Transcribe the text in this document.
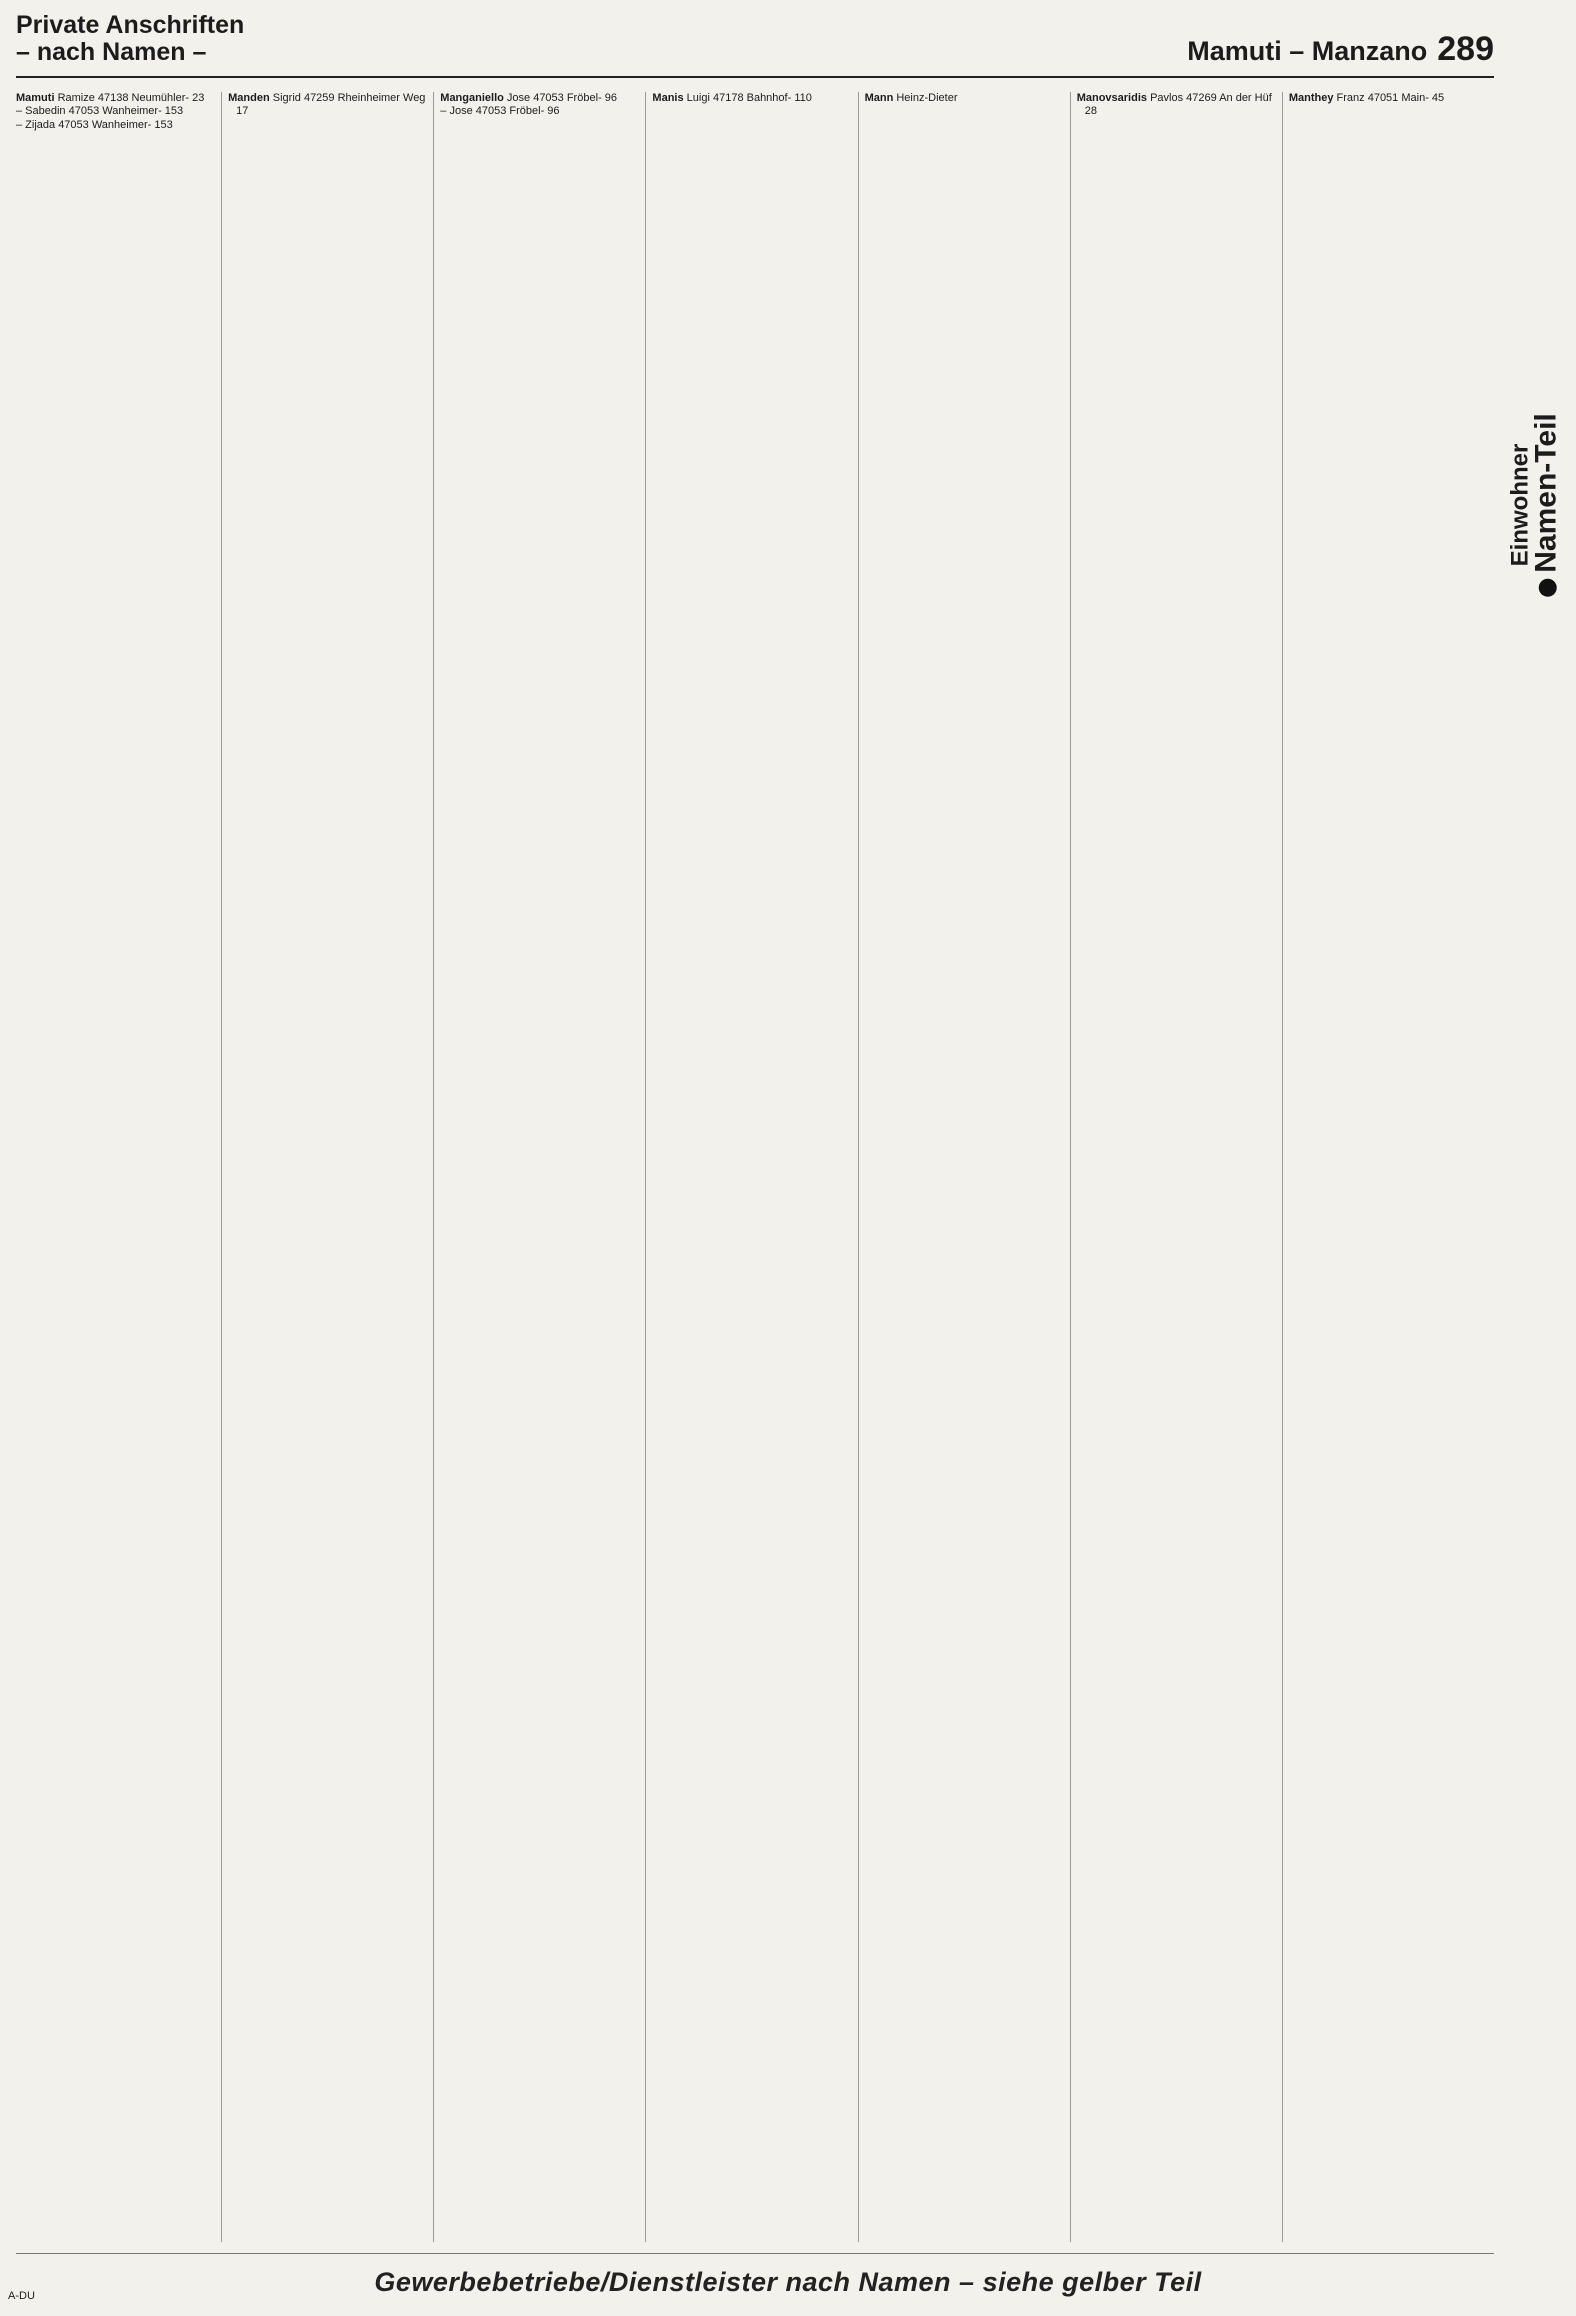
Private Anschriften
– nach Namen –	Mamuti – Manzano 289
Einwohner
Namen-Teil
Mamuti Ramize 47138 Neumühler- 23
– Sabedin 47053 Wanheimer- 153
– Zijada 47053 Wanheimer- 153
Manden Sigrid 47259 Rheinheimer Weg 17
Manganiello Jose 47053 Fröbel- 96
– Jose 47053 Fröbel- 96
Manis Luigi 47178 Bahnhof- 110	Mann Heinz-Dieter	Manovsaridis Pavlos 47269 An der Hüf 28
Manthey Franz 47051 Main- 45
A-DU	Gewerbebetriebe/Dienstleister nach Namen – siehe gelber Teil
